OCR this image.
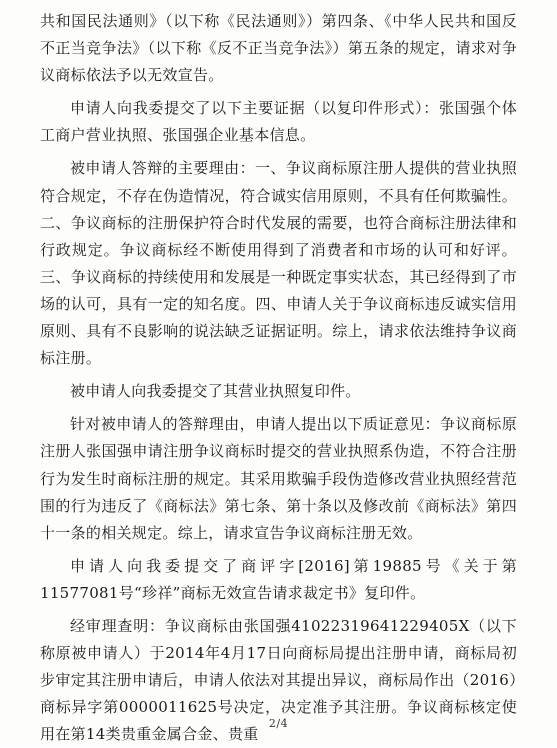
共和国民法通则》（以下称《民法通则》）第四条、《中华人民共和国反不正当竞争法》（以下称《反不正当竞争法》）第五条的规定，请求对争议商标依法予以无效宣告。

申请人向我委提交了以下主要证据（以复印件形式）：张国强个体工商户营业执照、张国强企业基本信息。

被申请人答辩的主要理由：一、争议商标原注册人提供的营业执照符合规定，不存在伪造情况，符合诚实信用原则，不具有任何欺骗性。二、争议商标的注册保护符合时代发展的需要，也符合商标注册法律和行政规定。争议商标经不断使用得到了消费者和市场的认可和好评。三、争议商标的持续使用和发展是一种既定事实状态，其已经得到了市场的认可，具有一定的知名度。四、申请人关于争议商标违反诚实信用原则、具有不良影响的说法缺乏证据证明。综上，请求依法维持争议商标注册。

被申请人向我委提交了其营业执照复印件。

针对被申请人的答辩理由，申请人提出以下质证意见：争议商标原注册人张国强申请注册争议商标时提交的营业执照系伪造，不符合注册行为发生时商标注册的规定。其采用欺骗手段伪造修改营业执照经营范围的行为违反了《商标法》第七条、第十条以及修改前《商标法》第四十一条的相关规定。综上，请求宣告争议商标注册无效。

申请人向我委提交了商评字[2016]第19885号《关于第11577081号“珍祥”商标无效宣告请求裁定书》复印件。

经审理查明：争议商标由张国强41022319641229405X（以下称原被申请人）于2014年4月17日向商标局提出注册申请，商标局初步审定其注册申请后，申请人依法对其提出异议，商标局作出（2016）商标异字第0000011625号决定，决定准予其注册。争议商标核定使用在第14类贵重金属合金、贵重

2/4
